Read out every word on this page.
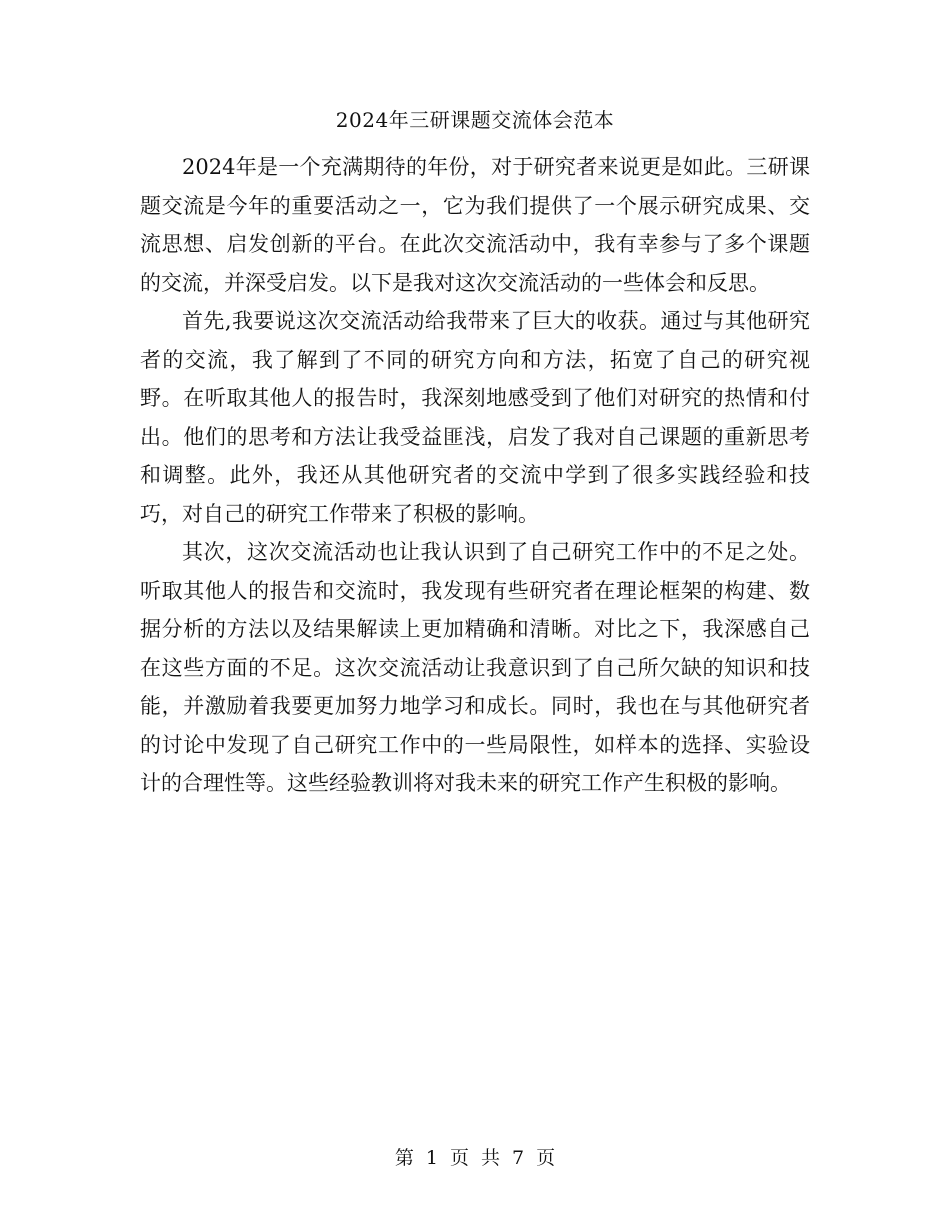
2024年三研课题交流体会范本

2024年是一个充满期待的年份，对于研究者来说更是如此。三研课题交流是今年的重要活动之一，它为我们提供了一个展示研究成果、交流思想、启发创新的平台。在此次交流活动中，我有幸参与了多个课题的交流，并深受启发。以下是我对这次交流活动的一些体会和反思。

首先,我要说这次交流活动给我带来了巨大的收获。通过与其他研究者的交流，我了解到了不同的研究方向和方法，拓宽了自己的研究视野。在听取其他人的报告时，我深刻地感受到了他们对研究的热情和付出。他们的思考和方法让我受益匪浅，启发了我对自己课题的重新思考和调整。此外，我还从其他研究者的交流中学到了很多实践经验和技巧，对自己的研究工作带来了积极的影响。

其次，这次交流活动也让我认识到了自己研究工作中的不足之处。听取其他人的报告和交流时，我发现有些研究者在理论框架的构建、数据分析的方法以及结果解读上更加精确和清晰。对比之下，我深感自己在这些方面的不足。这次交流活动让我意识到了自己所欠缺的知识和技能，并激励着我要更加努力地学习和成长。同时，我也在与其他研究者的讨论中发现了自己研究工作中的一些局限性，如样本的选择、实验设计的合理性等。这些经验教训将对我未来的研究工作产生积极的影响。

第 1 页 共 7 页
